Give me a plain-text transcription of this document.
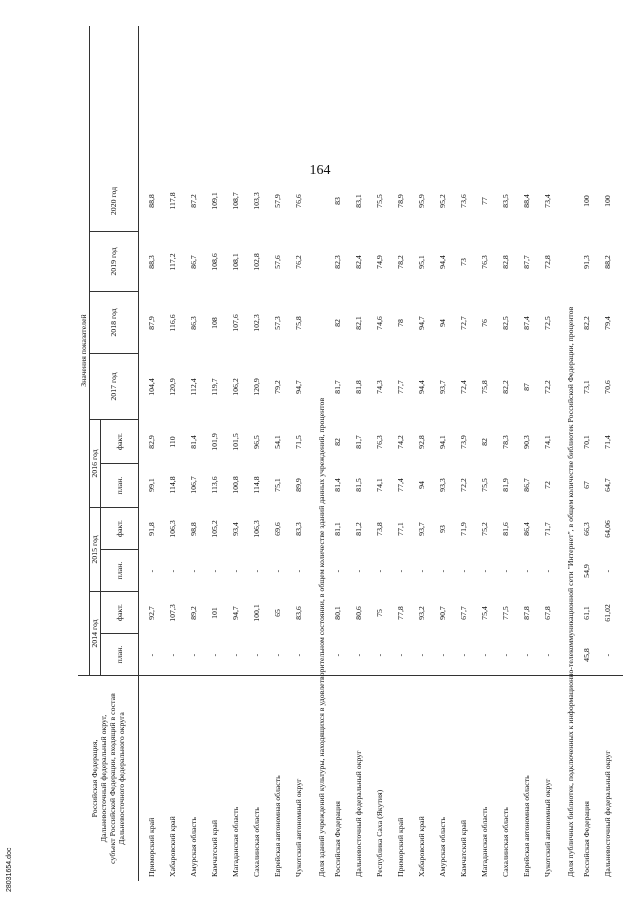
164
Российская Федерация, Дальневосточный федеральный округ, субъект Российской Федерации, входящий в состав Дальневосточного федерального округа
Приморский край Хабаровский край Амурская область Камчатский край Магаданская область Сахалинская область Еврейская автономная область Чукотский автономный округ Доля зданий учреждений культуры, находящихся в удовлетворительном состоянии, в общем количестве зданий данных учреждений, процентов Российская Федерация Дальневосточный федеральный округ Республика Саха (Якутия) Приморский край Хабаровский край Амурская область Камчатский край Магаданская область Сахалинская область Еврейская автономная область Чукотский автономный округ Доля публичных библиотек, подключенных к информационно-телекоммуникационной сети "Интернет", в общем количестве библиотек Российской Федерации, процентов Российская Федерация Дальневосточный федеральный округ
Значения показателей
2014 год
план.
факт.
2015 год
план.
факт.
2016 год
план.
факт.
2017 год
2018 год
2019 год
2020 год
-
92,7
-
91,8
99,1
82,9
104,4
87,9
88,3
88,8
-
107,3
-
106,3
114,8
110
120,9
116,6
117,2
117,8
-
89,2
-
98,8
106,7
81,4
112,4
86,3
86,7
87,2
-
101
-
105,2
113,6
101,9
119,7
108
108,6
109,1
-
94,7
-
93,4
100,8
101,5
106,2
107,6
108,1
108,7
-
100,1
-
106,3
114,8
96,5
120,9
102,3
102,8
103,3
-
65
-
69,6
75,1
54,1
79,2
57,3
57,6
57,9
-
83,6
-
83,3
89,9
71,5
94,7
75,8
76,2
76,6
-
80,1
-
81,1
81,4
82
81,7
82
82,3
83
-
80,6
-
81,2
81,5
81,7
81,8
82,1
82,4
83,1
-
75
-
73,8
74,1
76,3
74,3
74,6
74,9
75,5
-
77,8
-
77,1
77,4
74,2
77,7
78
78,2
78,9
-
93,2
-
93,7
94
92,8
94,4
94,7
95,1
95,9
-
90,7
-
93
93,3
94,1
93,7
94
94,4
95,2
-
67,7
-
71,9
72,2
73,9
72,4
72,7
73
73,6
-
75,4
-
75,2
75,5
82
75,8
76
76,3
77
-
77,5
-
81,6
81,9
78,3
82,2
82,5
82,8
83,5
-
87,8
-
86,4
86,7
90,3
87
87,4
87,7
88,4
-
67,8
-
71,7
72
74,1
72,2
72,5
72,8
73,4
45,8
61,1
54,9
66,3
67
70,1
73,1
82,2
91,3
100
-
61,02
-
64,06
64,7
71,4
70,6
79,4
88,2
100
28031654.doc
